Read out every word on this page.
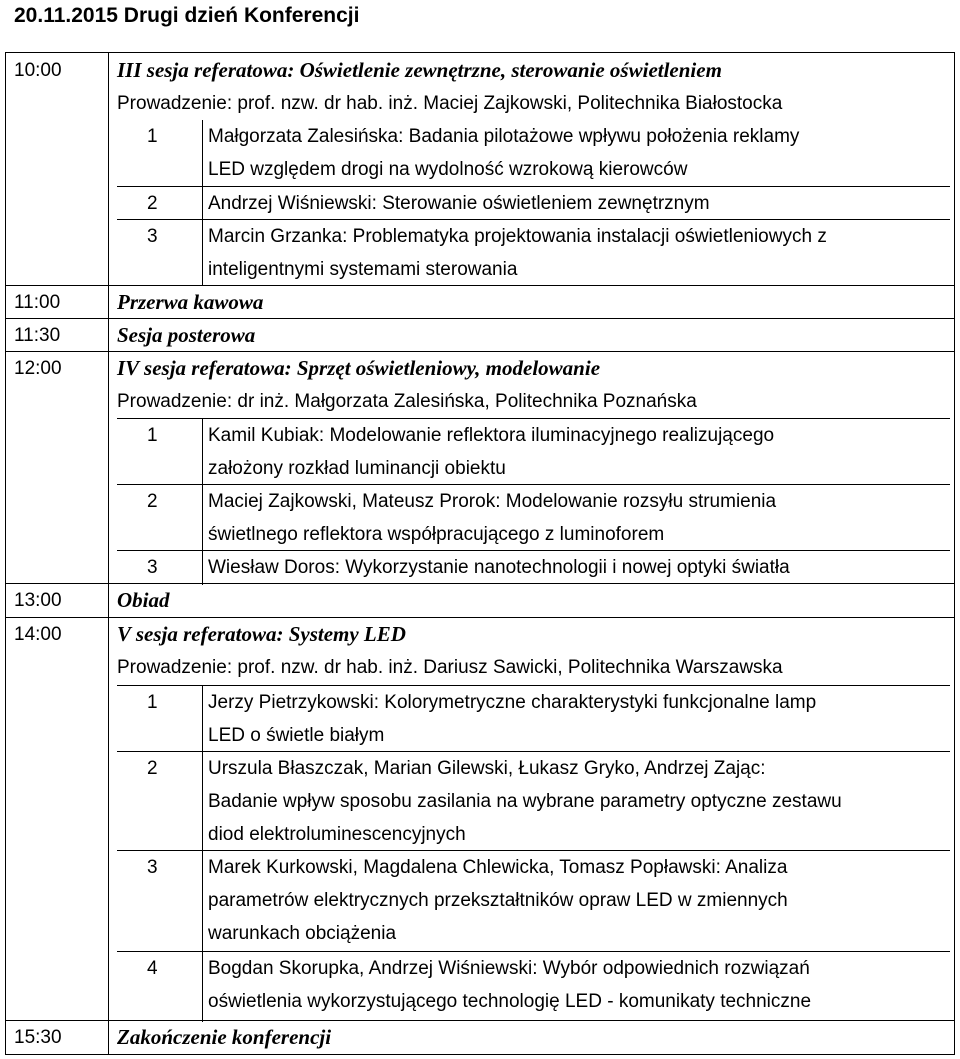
20.11.2015 Drugi dzień Konferencji
10:00	III sesja referatowa: Oświetlenie zewnętrzne, sterowanie oświetleniem
Prowadzenie: prof. nzw. dr hab. inż. Maciej Zajkowski, Politechnika Białostocka
1	Małgorzata Zalesińska: Badania pilotażowe wpływu położenia reklamy
LED względem drogi na wydolność wzrokową kierowców
2	Andrzej Wiśniewski: Sterowanie oświetleniem zewnętrznym
3	Marcin Grzanka: Problematyka projektowania instalacji oświetleniowych z
inteligentnymi systemami sterowania
11:00	Przerwa kawowa
11:30	Sesja posterowa
12:00	IV sesja referatowa: Sprzęt oświetleniowy, modelowanie
Prowadzenie: dr inż. Małgorzata Zalesińska, Politechnika Poznańska
1	Kamil Kubiak: Modelowanie reflektora iluminacyjnego realizującego
założony rozkład luminancji obiektu
2	Maciej Zajkowski, Mateusz Prorok: Modelowanie rozsyłu strumienia
świetlnego reflektora współpracującego z luminoforem
3	Wiesław Doros: Wykorzystanie nanotechnologii i nowej optyki światła
13:00	Obiad
14:00	V sesja referatowa: Systemy LED
Prowadzenie: prof. nzw. dr hab. inż. Dariusz Sawicki, Politechnika Warszawska
1	Jerzy Pietrzykowski: Kolorymetryczne charakterystyki funkcjonalne lamp
LED o świetle białym
2	Urszula Błaszczak, Marian Gilewski, Łukasz Gryko, Andrzej Zając:
Badanie wpływ sposobu zasilania na wybrane parametry optyczne zestawu
diod elektroluminescencyjnych
3	Marek Kurkowski, Magdalena Chlewicka, Tomasz Popławski: Analiza
parametrów elektrycznych przekształtników opraw LED w zmiennych
warunkach obciążenia
4	Bogdan Skorupka, Andrzej Wiśniewski: Wybór odpowiednich rozwiązań
oświetlenia wykorzystującego technologię LED - komunikaty techniczne
15:30	Zakończenie konferencji
